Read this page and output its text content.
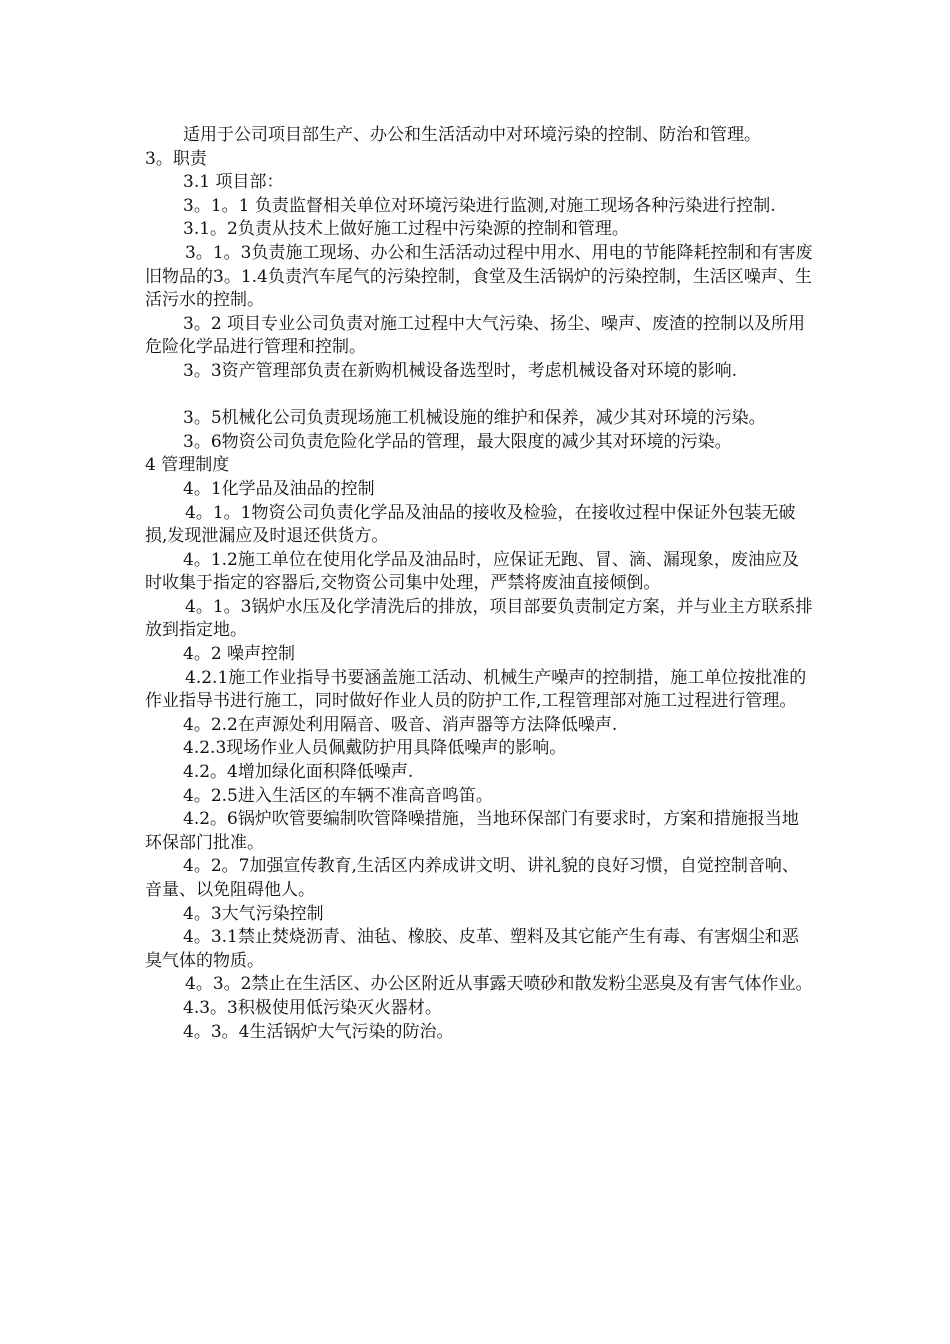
适用于公司项目部生产、办公和生活活动中对环境污染的控制、防治和管理。

3。职责

3.1 项目部：

3。1。1 负责监督相关单位对环境污染进行监测,对施工现场各种污染进行控制.

3.1。2负责从技术上做好施工过程中污染源的控制和管理。

3。1。3负责施工现场、办公和生活活动过程中用水、用电的节能降耗控制和有害废旧物品的3。1.4负责汽车尾气的污染控制，食堂及生活锅炉的污染控制，生活区噪声、生活污水的控制。

3。2 项目专业公司负责对施工过程中大气污染、扬尘、噪声、废渣的控制以及所用危险化学品进行管理和控制。

3。3资产管理部负责在新购机械设备选型时，考虑机械设备对环境的影响.

3。5机械化公司负责现场施工机械设施的维护和保养，减少其对环境的污染。

3。6物资公司负责危险化学品的管理，最大限度的减少其对环境的污染。

4 管理制度

4。1化学品及油品的控制

4。1。1物资公司负责化学品及油品的接收及检验，在接收过程中保证外包装无破损,发现泄漏应及时退还供货方。

4。1.2施工单位在使用化学品及油品时，应保证无跑、冒、滴、漏现象，废油应及时收集于指定的容器后,交物资公司集中处理，严禁将废油直接倾倒。

4。1。3锅炉水压及化学清洗后的排放，项目部要负责制定方案，并与业主方联系排放到指定地。

4。2 噪声控制

4.2.1施工作业指导书要涵盖施工活动、机械生产噪声的控制措，施工单位按批准的作业指导书进行施工，同时做好作业人员的防护工作,工程管理部对施工过程进行管理。

4。2.2在声源处利用隔音、吸音、消声器等方法降低噪声.

4.2.3现场作业人员佩戴防护用具降低噪声的影响。

4.2。4增加绿化面积降低噪声.

4。2.5进入生活区的车辆不准高音鸣笛。

4.2。6锅炉吹管要编制吹管降噪措施，当地环保部门有要求时，方案和措施报当地环保部门批准。

4。2。7加强宣传教育,生活区内养成讲文明、讲礼貌的良好习惯，自觉控制音响、音量、以免阻碍他人。

4。3大气污染控制

4。3.1禁止焚烧沥青、油毡、橡胶、皮革、塑料及其它能产生有毒、有害烟尘和恶臭气体的物质。

4。3。2禁止在生活区、办公区附近从事露天喷砂和散发粉尘恶臭及有害气体作业。

4.3。3积极使用低污染灭火器材。

4。3。4生活锅炉大气污染的防治。
